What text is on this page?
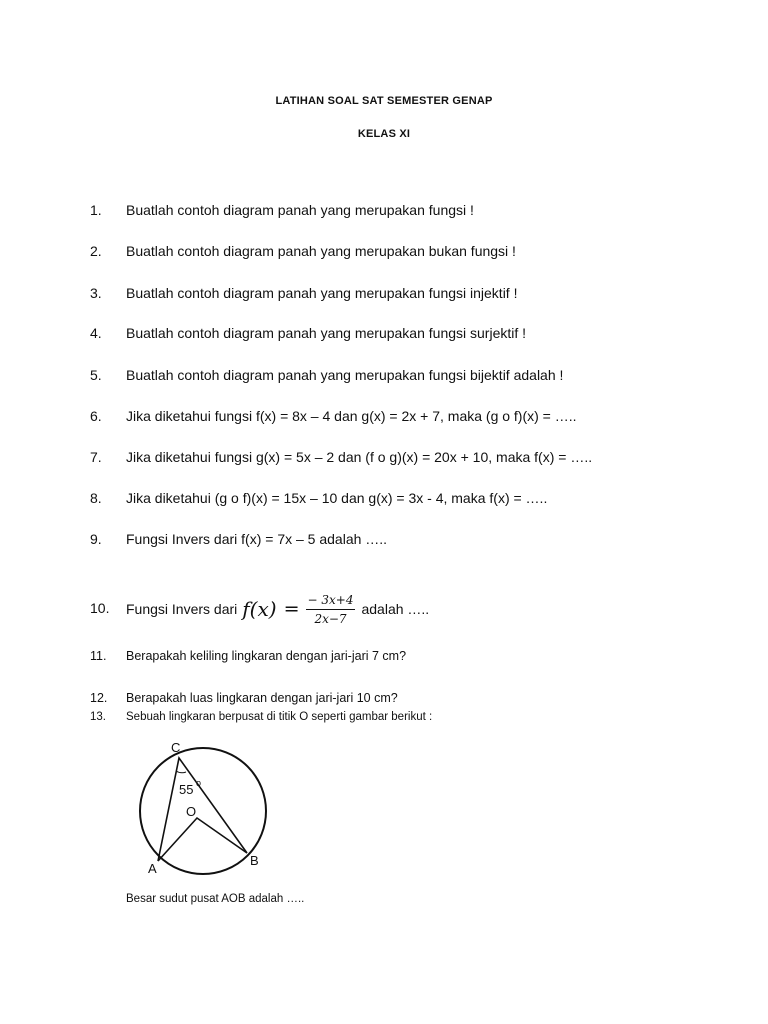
LATIHAN SOAL SAT SEMESTER GENAP
KELAS XI
1. Buatlah contoh diagram panah yang merupakan fungsi !
2. Buatlah contoh diagram panah yang merupakan bukan fungsi !
3. Buatlah contoh diagram panah yang merupakan fungsi injektif !
4. Buatlah contoh diagram panah yang merupakan fungsi surjektif !
5. Buatlah contoh diagram panah yang merupakan fungsi bijektif adalah !
6. Jika diketahui fungsi f(x) = 8x – 4 dan g(x) = 2x + 7, maka (g o f)(x) = …..
7. Jika diketahui fungsi g(x) = 5x – 2 dan (f o g)(x) = 20x + 10, maka f(x) = …..
8. Jika diketahui (g o f)(x) = 15x – 10 dan g(x) = 3x - 4, maka f(x) = …..
9. Fungsi Invers dari f(x) = 7x – 5 adalah …..
10. Fungsi Invers dari $f(x) = \frac{- 3x+4}{2x-7}$ adalah …..
11. Berapakah keliling lingkaran dengan jari-jari 7 cm?
12. Berapakah luas lingkaran dengan jari-jari 10 cm?
13. Sebuah lingkaran berpusat di titik O seperti gambar berikut :
C
55 o
O
A
B
Besar sudut pusat AOB adalah …..
